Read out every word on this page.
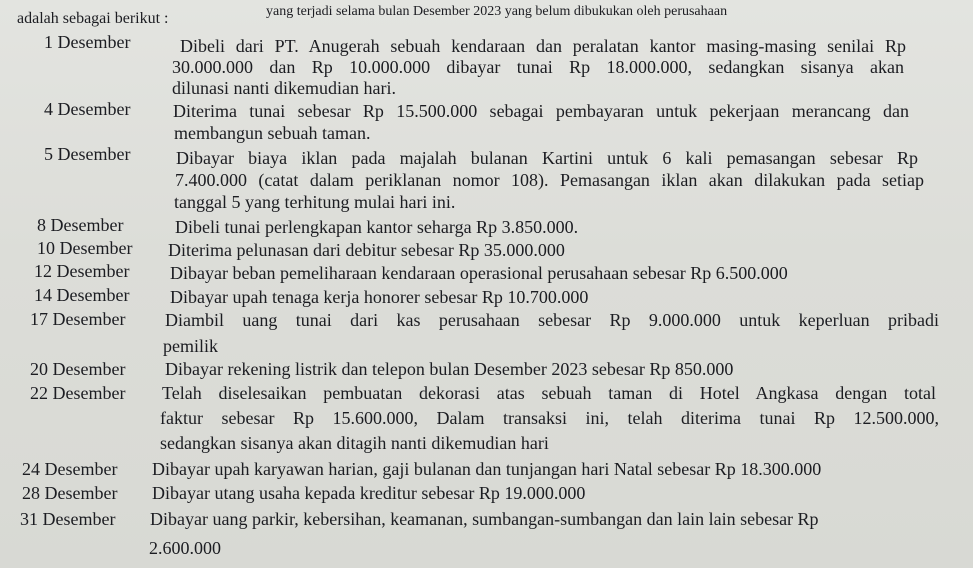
yang terjadi selama bulan Desember 2023 yang belum dibukukan oleh perusahaan
adalah sebagai berikut :
1 Desember	Dibeli dari PT. Anugerah sebuah kendaraan dan peralatan kantor masing-masing senilai Rp
30.000.000 dan Rp 10.000.000 dibayar tunai Rp 18.000.000, sedangkan sisanya akan
dilunasi nanti dikemudian hari.
4 Desember Diterima tunai sebesar Rp 15.500.000 sebagai pembayaran untuk pekerjaan merancang dan
membangun sebuah taman.
5 Desember	Dibayar biaya iklan pada majalah bulanan Kartini untuk 6 kali pemasangan sebesar Rp
7.400.000 (catat dalam periklanan nomor 108). Pemasangan iklan akan dilakukan pada setiap
tanggal 5 yang terhitung mulai hari ini.
8 Desember	Dibeli tunai perlengkapan kantor seharga Rp 3.850.000.
10 Desember Diterima pelunasan dari debitur sebesar Rp 35.000.000
12 Desember Dibayar beban pemeliharaan kendaraan operasional perusahaan sebesar Rp 6.500.000
14 Desember Dibayar upah tenaga kerja honorer sebesar Rp 10.700.000
17 Desember Diambil uang tunai dari kas perusahaan sebesar Rp 9.000.000 untuk keperluan pribadi
pemilik
20 Desember Dibayar rekening listrik dan telepon bulan Desember 2023 sebesar Rp 850.000
22 Desember Telah diselesaikan pembuatan dekorasi atas sebuah taman di Hotel Angkasa dengan total
faktur sebesar Rp 15.600.000, Dalam transaksi ini, telah diterima tunai Rp 12.500.000,
sedangkan sisanya akan ditagih nanti dikemudian hari
24 Desember Dibayar upah karyawan harian, gaji bulanan dan tunjangan hari Natal sebesar Rp 18.300.000
28 Desember Dibayar utang usaha kepada kreditur sebesar Rp 19.000.000
31 Desember Dibayar uang parkir, kebersihan, keamanan, sumbangan-sumbangan dan lain lain sebesar Rp
2.600.000
